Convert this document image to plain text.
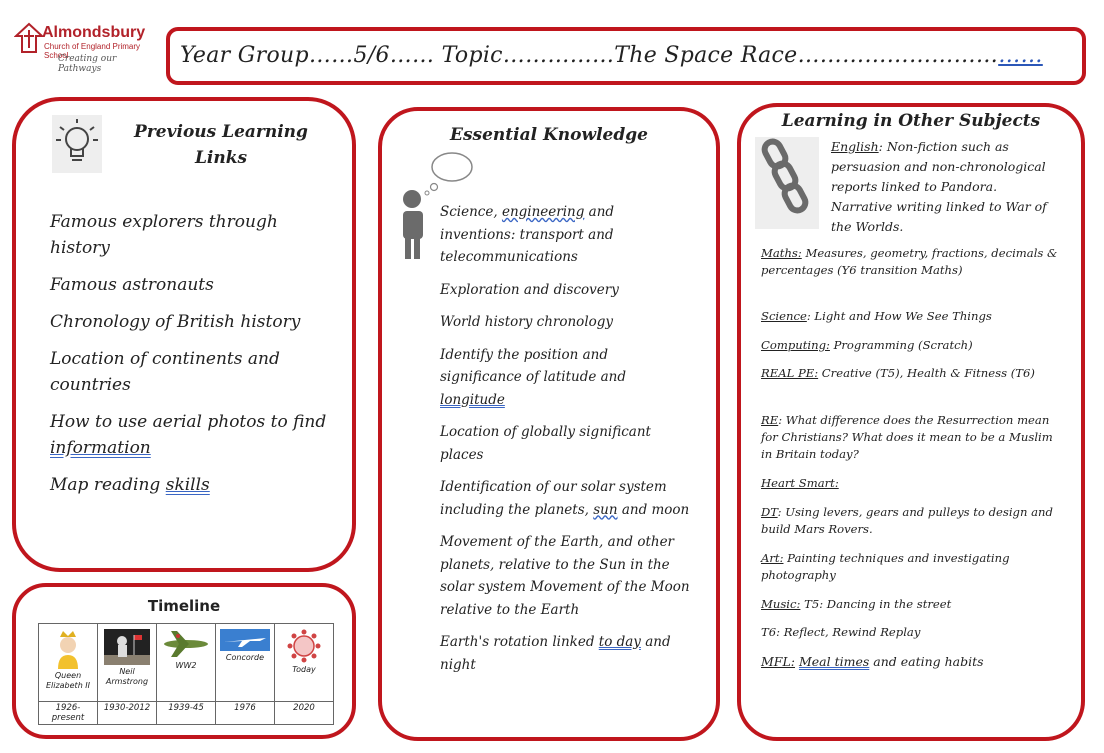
Almondsbury
Church of England Primary School
Creating our Pathways
Year Group……5/6…… Topic……………The Space Race……………………………
Previous Learning Links
Famous explorers through history
Famous astronauts
Chronology of British history
Location of continents and countries
How to use aerial photos to find information
Map reading skills
Timeline
Queen Elizabeth II	Neil Armstrong	WW2	Concorde	Today

1926-present	1930-2012	1939-45	1976	2020
Essential Knowledge
Science, engineering and inventions: transport and telecommunications
Exploration and discovery
World history chronology
Identify the position and significance of latitude and longitude
Location of globally significant places
Identification of our solar system including the planets, sun and moon
Movement of the Earth, and other planets, relative to the Sun in the solar system Movement of the Moon relative to the Earth
Earth's rotation linked to day and night
Learning in Other Subjects
English: Non-fiction such as persuasion and non-chronological reports linked to Pandora. Narrative writing linked to War of the Worlds.
Maths: Measures, geometry, fractions, decimals & percentages (Y6 transition Maths)
Science: Light and How We See Things
Computing: Programming (Scratch)
REAL PE: Creative (T5), Health & Fitness (T6)
RE: What difference does the Resurrection mean for Christians? What does it mean to be a Muslim in Britain today?
Heart Smart:
DT: Using levers, gears and pulleys to design and build Mars Rovers.
Art: Painting techniques and investigating photography
Music: T5: Dancing in the street
T6: Reflect, Rewind Replay
MFL: Meal times and eating habits
